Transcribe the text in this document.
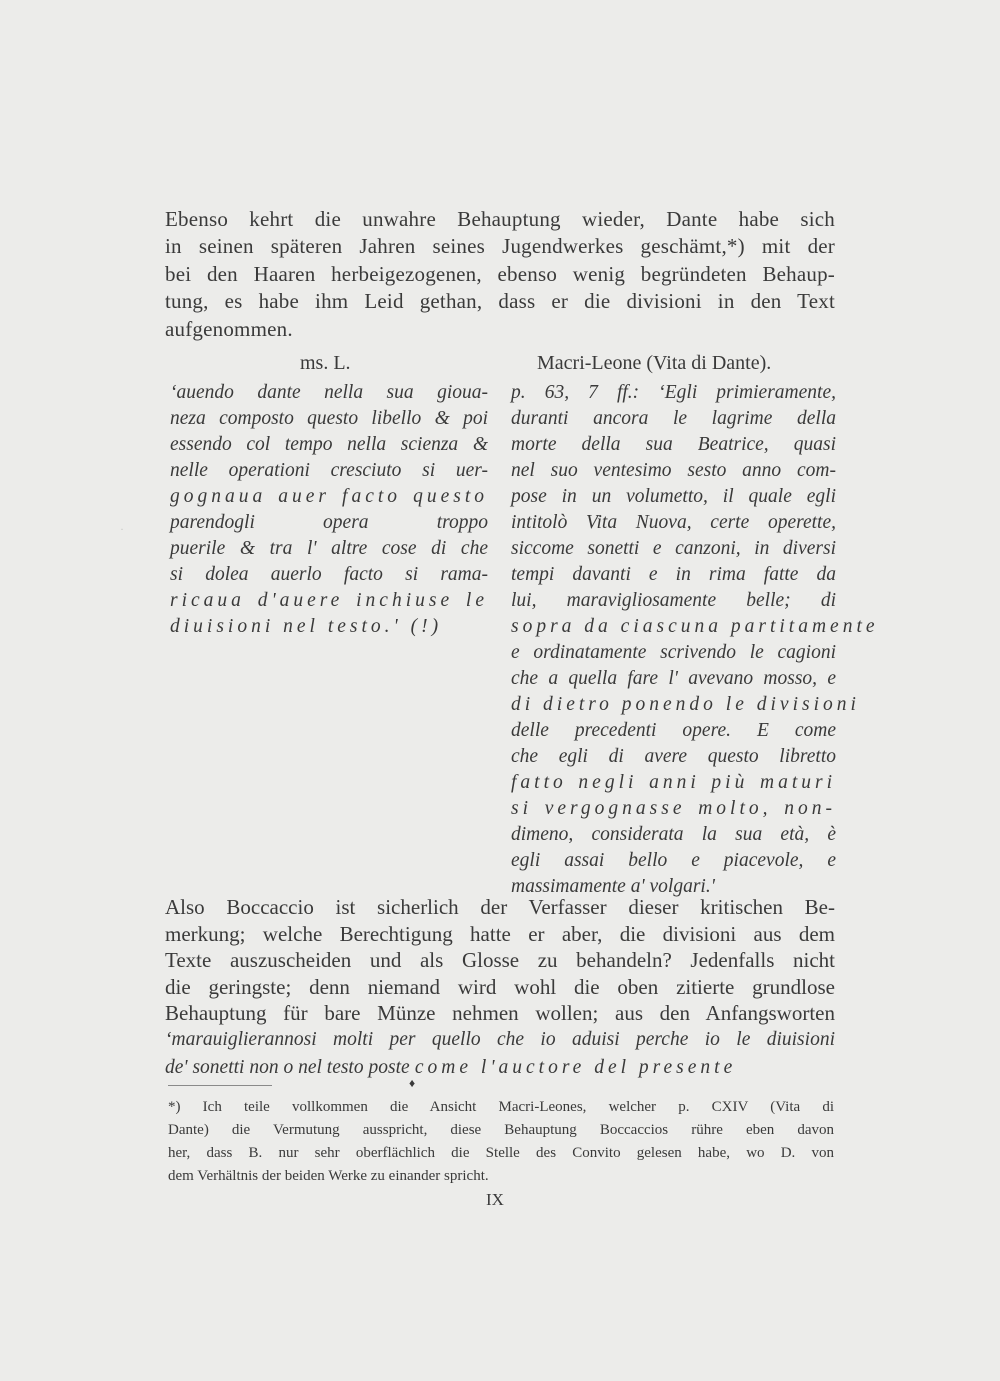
Ebenso kehrt die unwahre Behauptung wieder, Dante habe sich
in seinen späteren Jahren seines Jugendwerkes geschämt,*) mit der
bei den Haaren herbeigezogenen, ebenso wenig begründeten Behaup-
tung, es habe ihm Leid gethan, dass er die divisioni in den Text
aufgenommen.
ms. L.	Macri-Leone (Vita di Dante).
·
‘auendo dante nella sua gioua-
neza composto questo libello & poi
essendo col tempo nella scienza &
nelle operationi cresciuto si uer-
gognaua auer facto questo
parendogli opera troppo
puerile & tra l' altre cose di che
si dolea auerlo facto si rama-
ricaua d'auere inchiuse le
diuisioni nel testo.' (!)
p. 63, 7 ff.: ‘Egli primieramente,
duranti ancora le lagrime della
morte della sua Beatrice, quasi
nel suo ventesimo sesto anno com-
pose in un volumetto, il quale egli
intitolò Vita Nuova, certe operette,
siccome sonetti e canzoni, in diversi
tempi davanti e in rima fatte da
lui, maravigliosamente belle; di
sopra da ciascuna partitamente
e ordinatamente scrivendo le cagioni
che a quella fare l' avevano mosso, e
di dietro ponendo le divisioni
delle precedenti opere. E come
che egli di avere questo libretto
fatto negli anni più maturi
si vergognasse molto, non-
dimeno, considerata la sua età, è
egli assai bello e piacevole, e
massimamente a' volgari.'
Also Boccaccio ist sicherlich der Verfasser dieser kritischen Be-
merkung; welche Berechtigung hatte er aber, die divisioni aus dem
Texte auszuscheiden und als Glosse zu behandeln? Jedenfalls nicht
die geringste; denn niemand wird wohl die oben zitierte grundlose
Behauptung für bare Münze nehmen wollen; aus den Anfangsworten
‘marauiglierannosi molti per quello che io aduisi perche io le diuisioni
de' sonetti non o nel testo poste come l'auctore del presente
♦
*) Ich teile vollkommen die Ansicht Macri-Leones, welcher p. CXIV (Vita di
Dante) die Vermutung ausspricht, diese Behauptung Boccaccios rühre eben davon
her, dass B. nur sehr oberflächlich die Stelle des Convito gelesen habe, wo D. von
dem Verhältnis der beiden Werke zu einander spricht.
IX
